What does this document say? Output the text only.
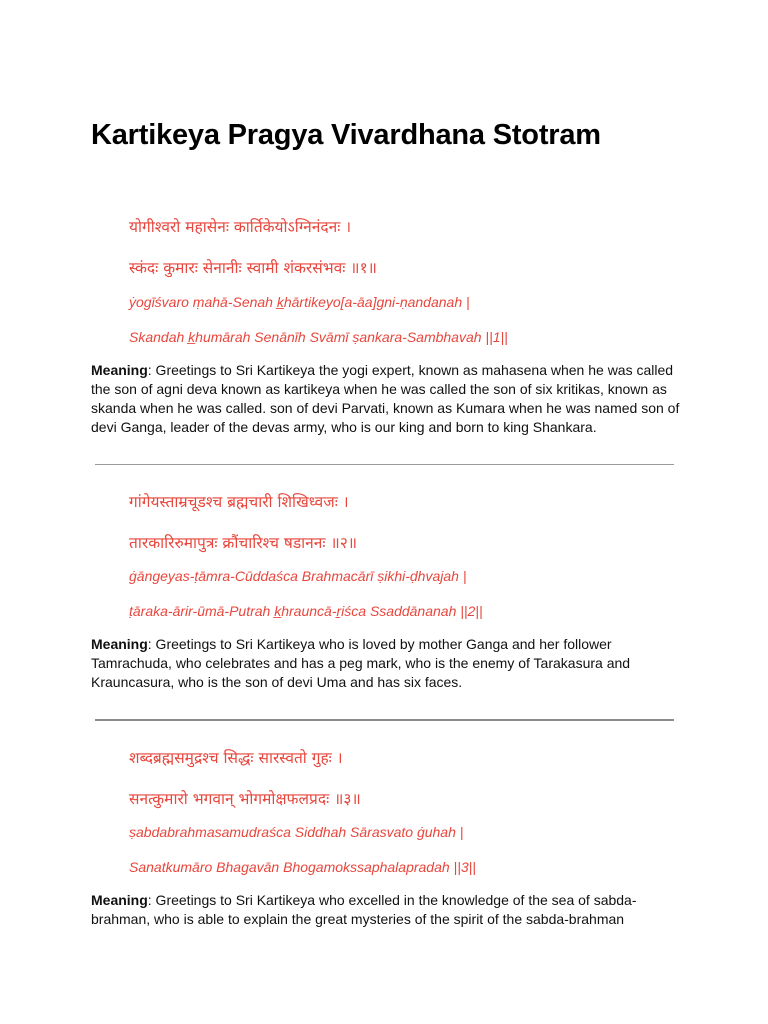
Kartikeya Pragya Vivardhana Stotram
योगीश्वरो महासेनः कार्तिकेयोऽग्निनंदनः ।
स्कंदः कुमारः सेनानीः स्वामी शंकरसंभवः ॥१॥
ẏogīśvaro ṃahā-Senah k̲hārtikeyo[a-āa]gni-ṇandanah |
Skandah k̲humārah Senānīh Svāmī ṣankara-Sambhavah ||1||

Meaning: Greetings to Sri Kartikeya the yogi expert, known as mahasena when he was called the son of agni deva known as kartikeya when he was called the son of six kritikas, known as skanda when he was called. son of devi Parvati, known as Kumara when he was named son of devi Ganga, leader of the devas army, who is our king and born to king Shankara.

गांगेयस्ताम्रचूडश्च ब्रह्मचारी शिखिध्वजः ।
तारकारिरुमापुत्रः क्रौंचारिश्च षडाननः ॥२॥
ġāngeyas-ṭāmra-Cūddaśca Brahmacārī ṣikhi-ḍhvajah |
ṭāraka-ārir-ūmā-Putrah k̲hrauncā-ṟiśca Ssaddānanah ||2||

Meaning: Greetings to Sri Kartikeya who is loved by mother Ganga and her follower Tamrachuda, who celebrates and has a peg mark, who is the enemy of Tarakasura and Krauncasura, who is the son of devi Uma and has six faces.

शब्दब्रह्मसमुद्रश्च सिद्धः सारस्वतो गुहः ।
सनत्कुमारो भगवान् भोगमोक्षफलप्रदः ॥३॥
ṣabdabrahmasamudraśca Siddhah Sārasvato ġuhah |
Sanatkumāro Bhagavān Bhogamokssaphalapradah ||3||

Meaning: Greetings to Sri Kartikeya who excelled in the knowledge of the sea of sabda-brahman, who is able to explain the great mysteries of the spirit of the sabda-brahman
